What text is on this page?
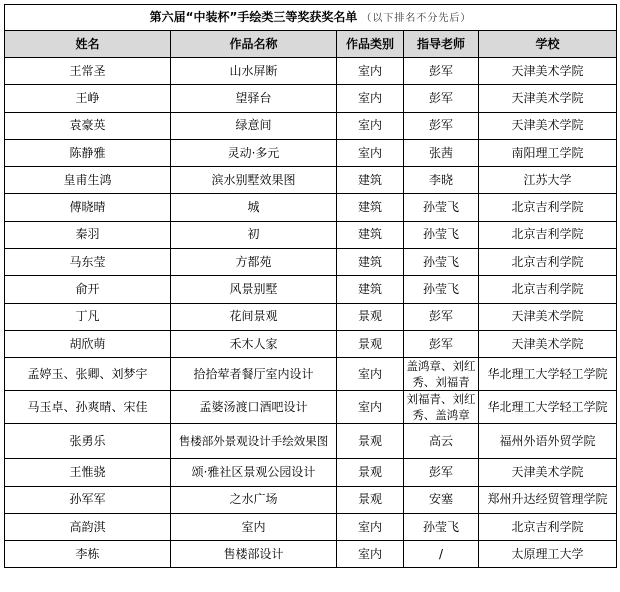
第六届“中装杯”手绘类三等奖获奖名单 （以下排名不分先后）				
姓名	作品名称	作品类别	指导老师	学校
王常圣	山水屏断	室内	彭军	天津美术学院
王峥	望驿台	室内	彭军	天津美术学院
袁豪英	绿意间	室内	彭军	天津美术学院
陈静雅	灵动·多元	室内	张茜	南阳理工学院
皇甫生鸿	滨水别墅效果图	建筑	李晓	江苏大学
傅晓晴	城	建筑	孙莹飞	北京吉利学院
秦羽	初	建筑	孙莹飞	北京吉利学院
马东莹	方都苑	建筑	孙莹飞	北京吉利学院
俞开	风景别墅	建筑	孙莹飞	北京吉利学院
丁凡	花间景观	景观	彭军	天津美术学院
胡欣萌	禾木人家	景观	彭军	天津美术学院
孟婷玉、张卿、刘梦宇	拾拾荤者餐厅室内设计	室内	盖鸿章、刘红秀、刘福青	华北理工大学轻工学院
马玉卓、孙爽晴、宋佳	孟婆汤渡口酒吧设计	室内	刘福青、刘红秀、盖鸿章	华北理工大学轻工学院
张勇乐	售楼部外景观设计手绘效果图	景观	高云	福州外语外贸学院
王惟骁	颂·雅社区景观公园设计	景观	彭军	天津美术学院
孙军军	之水广场	景观	安塞	郑州升达经贸管理学院
高韵淇	室内	室内	孙莹飞	北京吉利学院
李栋	售楼部设计	室内	/	太原理工大学
